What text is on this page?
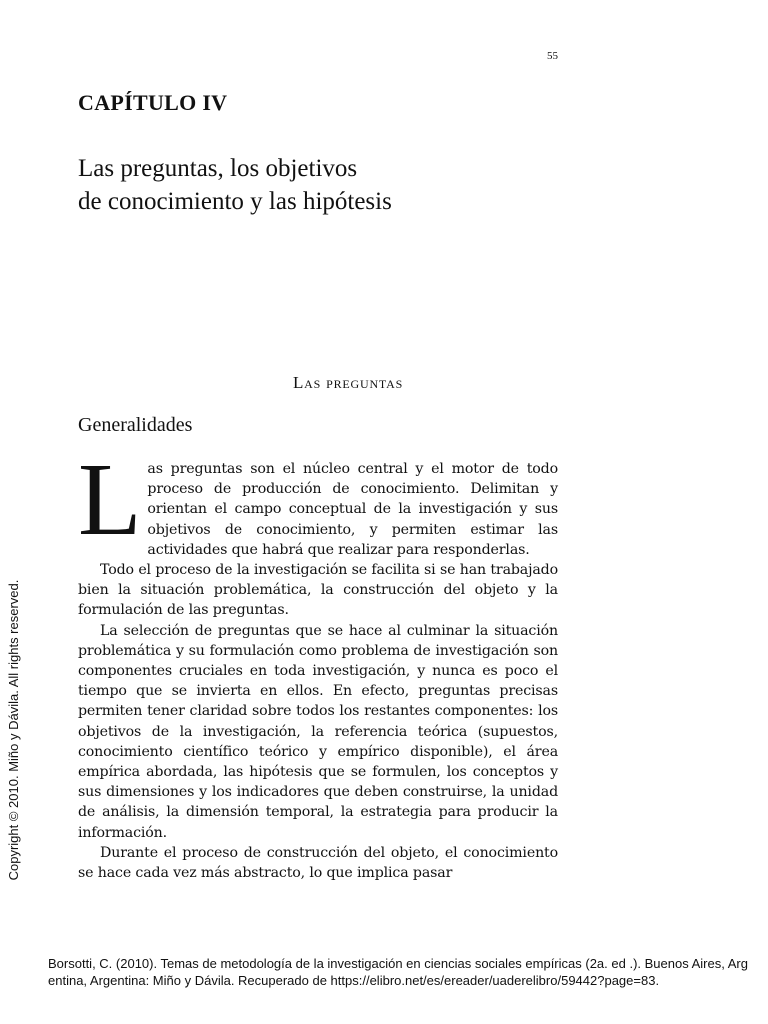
55
CAPÍTULO IV
Las preguntas, los objetivos
de conocimiento y las hipótesis
Las preguntas
Generalidades

Las preguntas son el núcleo central y el motor de todo proceso de producción de conocimiento. Delimitan y orientan el campo conceptual de la investigación y sus objetivos de conocimiento, y permiten estimar las actividades que habrá que realizar para responderlas.

Todo el proceso de la investigación se facilita si se han trabajado bien la situación problemática, la construcción del objeto y la formulación de las preguntas.

La selección de preguntas que se hace al culminar la situación problemática y su formulación como problema de investigación son componentes cruciales en toda investigación, y nunca es poco el tiempo que se invierta en ellos. En efecto, preguntas precisas permiten tener claridad sobre todos los restantes componentes: los objetivos de la investigación, la referencia teórica (supuestos, conocimiento científico teórico y empírico disponible), el área empírica abordada, las hipótesis que se formulen, los conceptos y sus dimensiones y los indicadores que deben construirse, la unidad de análisis, la dimensión temporal, la estrategia para producir la información.

Durante el proceso de construcción del objeto, el conocimiento se hace cada vez más abstracto, lo que implica pasar

Copyright © 2010. Miño y Dávila. All rights reserved.
Borsotti, C. (2010). Temas de metodología de la investigación en ciencias sociales empíricas (2a. ed .). Buenos Aires, Argentina, Argentina: Miño y Dávila. Recuperado de https://elibro.net/es/ereader/uaderelibro/59442?page=83.
